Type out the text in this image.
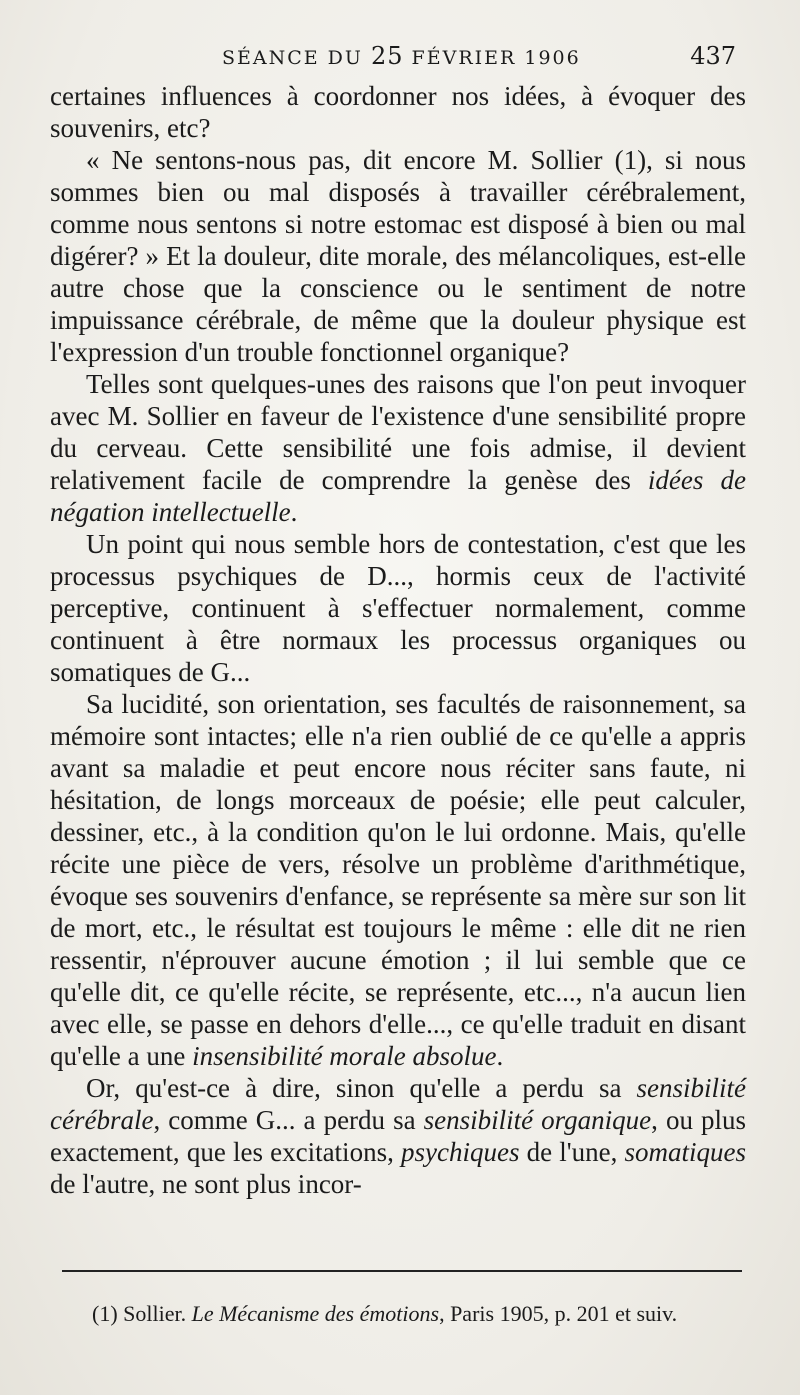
SÉANCE DU 25 FÉVRIER 1906	437

certaines influences à coordonner nos idées, à évoquer des souvenirs, etc?

« Ne sentons-nous pas, dit encore M. Sollier (1), si nous sommes bien ou mal disposés à travailler cérébralement, comme nous sentons si notre estomac est disposé à bien ou mal digérer? » Et la douleur, dite morale, des mélancoliques, est-elle autre chose que la conscience ou le sentiment de notre impuissance cérébrale, de même que la douleur physique est l'expression d'un trouble fonctionnel organique?

Telles sont quelques-unes des raisons que l'on peut invoquer avec M. Sollier en faveur de l'existence d'une sensibilité propre du cerveau. Cette sensibilité une fois admise, il devient relativement facile de comprendre la genèse des idées de négation intellectuelle.

Un point qui nous semble hors de contestation, c'est que les processus psychiques de D..., hormis ceux de l'activité perceptive, continuent à s'effectuer normalement, comme continuent à être normaux les processus organiques ou somatiques de G...

Sa lucidité, son orientation, ses facultés de raisonnement, sa mémoire sont intactes; elle n'a rien oublié de ce qu'elle a appris avant sa maladie et peut encore nous réciter sans faute, ni hésitation, de longs morceaux de poésie; elle peut calculer, dessiner, etc., à la condition qu'on le lui ordonne. Mais, qu'elle récite une pièce de vers, résolve un problème d'arithmétique, évoque ses souvenirs d'enfance, se représente sa mère sur son lit de mort, etc., le résultat est toujours le même : elle dit ne rien ressentir, n'éprouver aucune émotion ; il lui semble que ce qu'elle dit, ce qu'elle récite, se représente, etc..., n'a aucun lien avec elle, se passe en dehors d'elle..., ce qu'elle traduit en disant qu'elle a une insensibilité morale absolue.

Or, qu'est-ce à dire, sinon qu'elle a perdu sa sensibilité cérébrale, comme G... a perdu sa sensibilité organique, ou plus exactement, que les excitations, psychiques de l'une, somatiques de l'autre, ne sont plus incor-

(1) Sollier. Le Mécanisme des émotions, Paris 1905, p. 201 et suiv.
